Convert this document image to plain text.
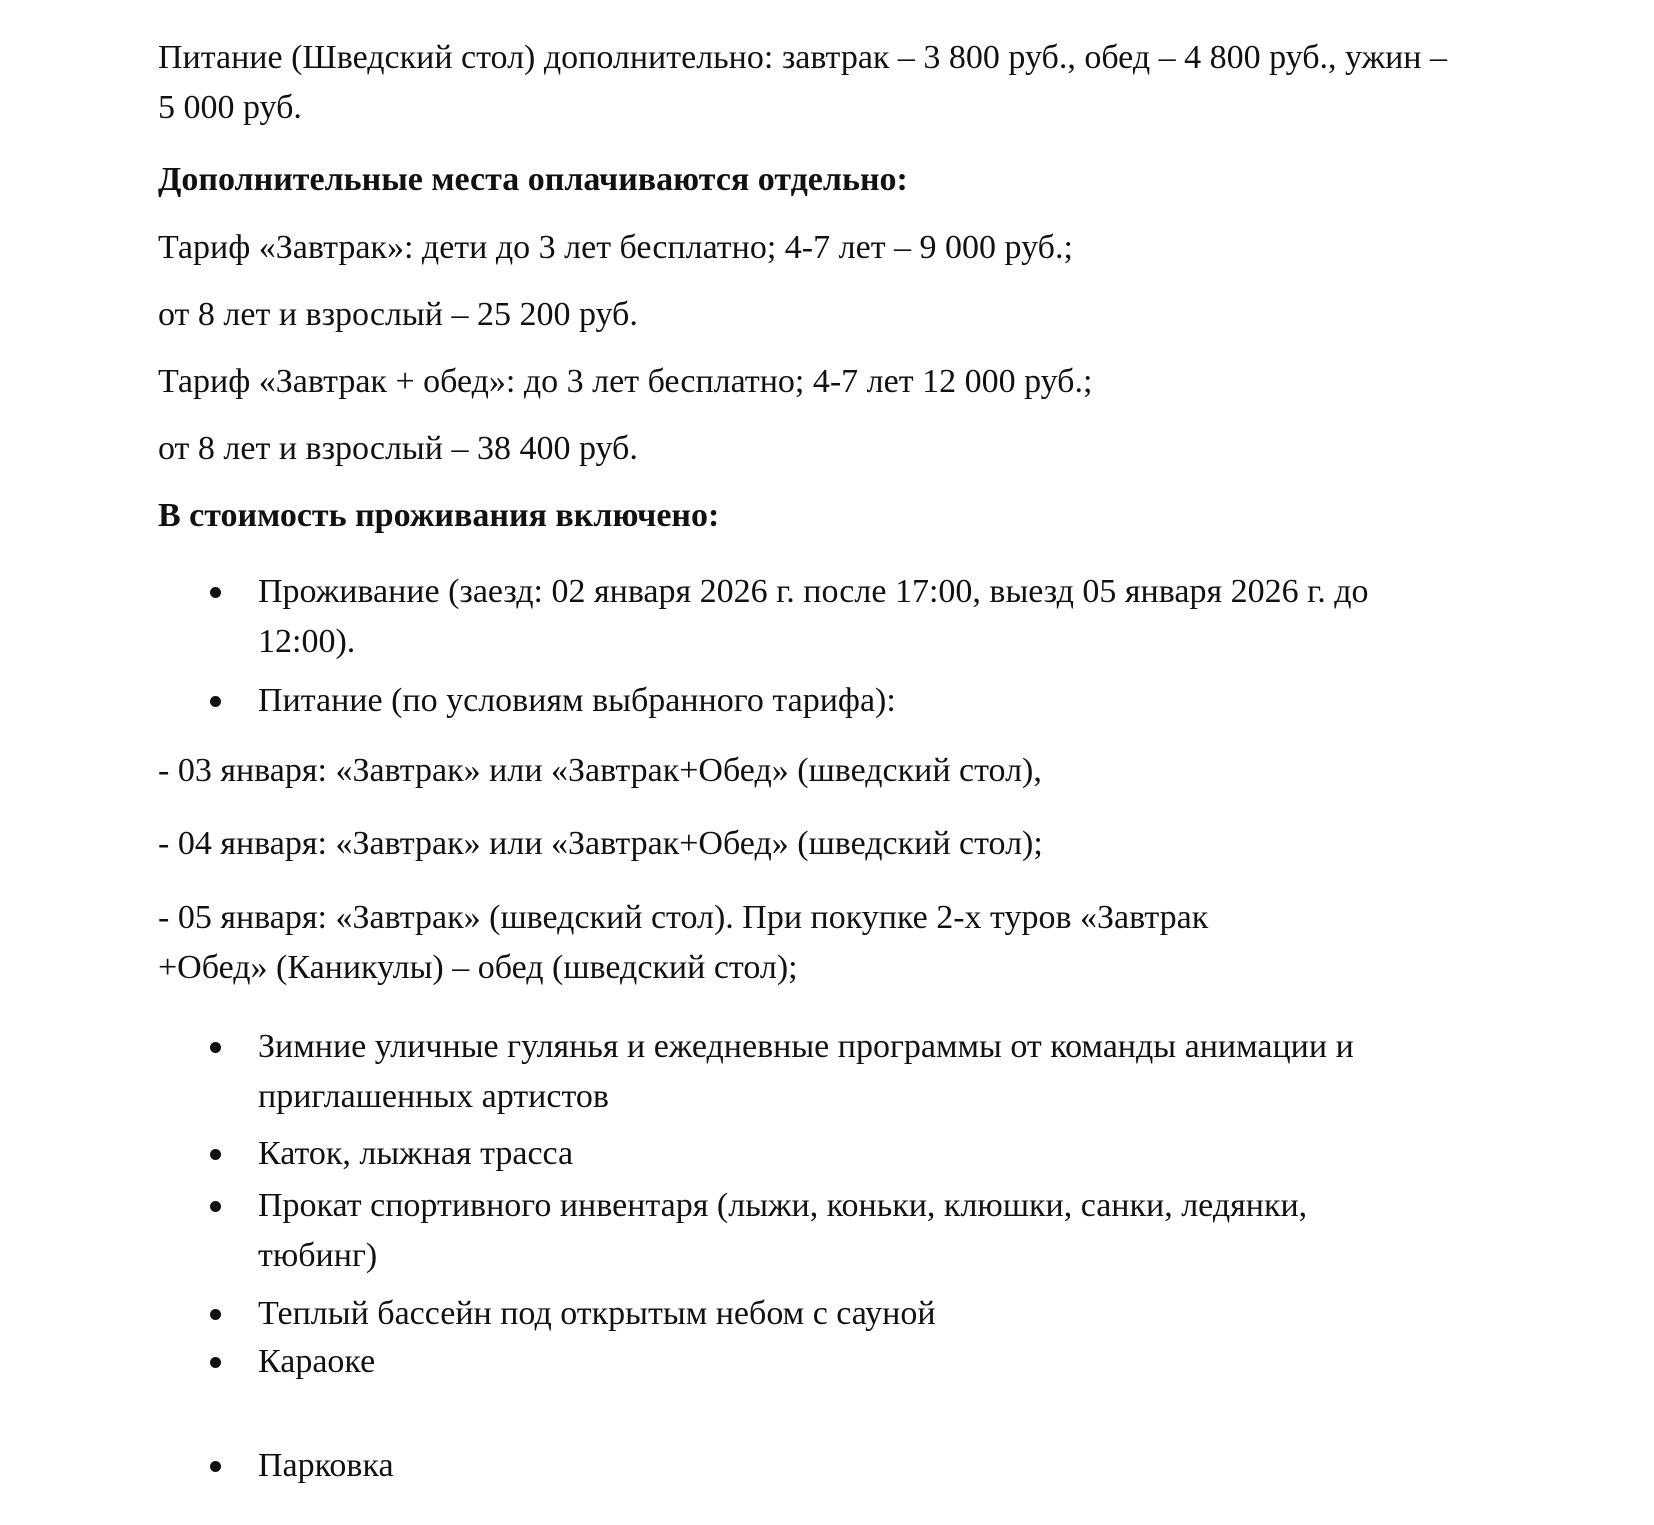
Питание (Шведский стол) дополнительно: завтрак – 3 800 руб., обед – 4 800 руб., ужин –

5 000 руб.

Дополнительные места оплачиваются отдельно:

Тариф «Завтрак»: дети до 3 лет бесплатно; 4-7 лет – 9 000 руб.;

от 8 лет и взрослый – 25 200 руб.

Тариф «Завтрак + обед»: до 3 лет бесплатно; 4-7 лет 12 000 руб.;

от 8 лет и взрослый – 38 400 руб.

В стоимость проживания включено:

Проживание (заезд: 02 января 2026 г. после 17:00, выезд 05 января 2026 г. до
12:00).
Питание (по условиям выбранного тарифа):

- 03 января: «Завтрак» или «Завтрак+Обед» (шведский стол),

- 04 января: «Завтрак» или «Завтрак+Обед» (шведский стол);

- 05 января: «Завтрак» (шведский стол). При покупке 2-х туров «Завтрак

+Обед» (Каникулы) – обед (шведский стол);

Зимние уличные гулянья и ежедневные программы от команды анимации и
приглашенных артистов
Каток, лыжная трасса
Прокат спортивного инвентаря (лыжи, коньки, клюшки, санки, ледянки,
тюбинг)
Теплый бассейн под открытым небом с сауной
Караоке
Парковка
